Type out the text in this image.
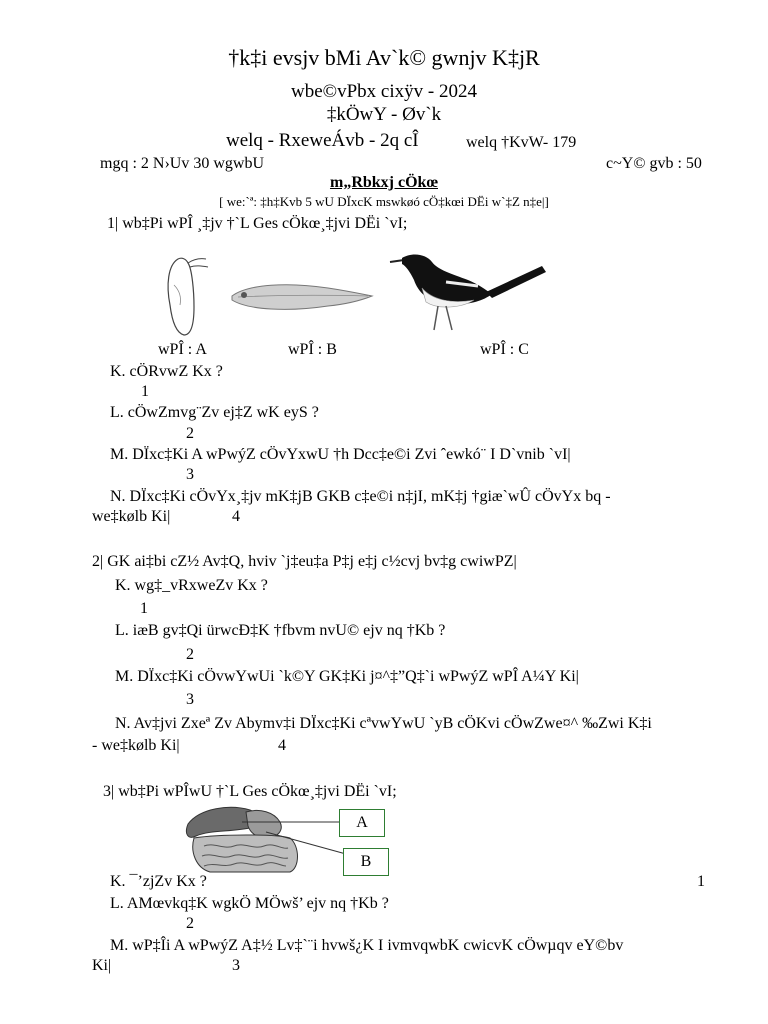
†k‡i evsjv bMi Av`k© gwnjv K‡jR
wbe©vPbx cixÿv - 2024
‡kÖwY - Øv`k
welq - RxeweÁvb - 2q cÎ	welq †KvW- 179
mgq : 2 N›Uv 30 wgwbU	c~Y© gvb : 50
m„Rbkxj cÖkœ
[ we:`ª: ‡h‡Kvb 5 wU DÏxcK mswkøó cÖ‡kœi DËi w`‡Z n‡e|]
1| wb‡Pi wPÎ ¸‡jv †`L Ges cÖkœ¸‡jvi DËi `vI;
wPÎ : A	wPÎ : B	wPÎ : C
K. cÖRvwZ Kx ?
1
L. cÖwZmvg¨Zv ej‡Z wK eyS ?
2
M. DÏxc‡Ki A wPwýZ cÖvYxwU †h Dcc‡e©i Zvi ˆewkó¨ I D`vnib `vI|
3
N. DÏxc‡Ki cÖvYx¸‡jv mK‡jB GKB c‡e©i n‡jI, mK‡j †giæ`wÛ cÖvYx bq -
we‡kølb Ki|	4
2| GK ai‡bi cZ½ Av‡Q, hviv `j‡eu‡a P‡j e‡j c½cvj bv‡g cwiwPZ|
K. wg‡_vRxweZv Kx ?
1
L. iæB gv‡Qi ürwcÐ‡K †fbvm nvU© ejv nq †Kb ?
2
M. DÏxc‡Ki cÖvwYwUi `k©Y GK‡Ki j¤^‡”Q‡`i wPwýZ wPÎ A¼Y Ki|
3
N. Av‡jvi Zxeª Zv Abymv‡i DÏxc‡Ki cªvwYwU `yB cÖKvi cÖwZwe¤^ ‰Zwi K‡i
- we‡kølb Ki|	4
3| wb‡Pi wPÎwU †`L Ges cÖkœ¸‡jvi DËi `vI;
A
B
K. ¯’zjZv Kx ?	1
L. AMœvkq‡K wgkÖ MÖwš’ ejv nq †Kb ?
2
M. wP‡Îi A wPwýZ A‡½ Lv‡`¨i hvwš¿K I ivmvqwbK cwicvK cÖwµqv eY©bv
Ki|	3
